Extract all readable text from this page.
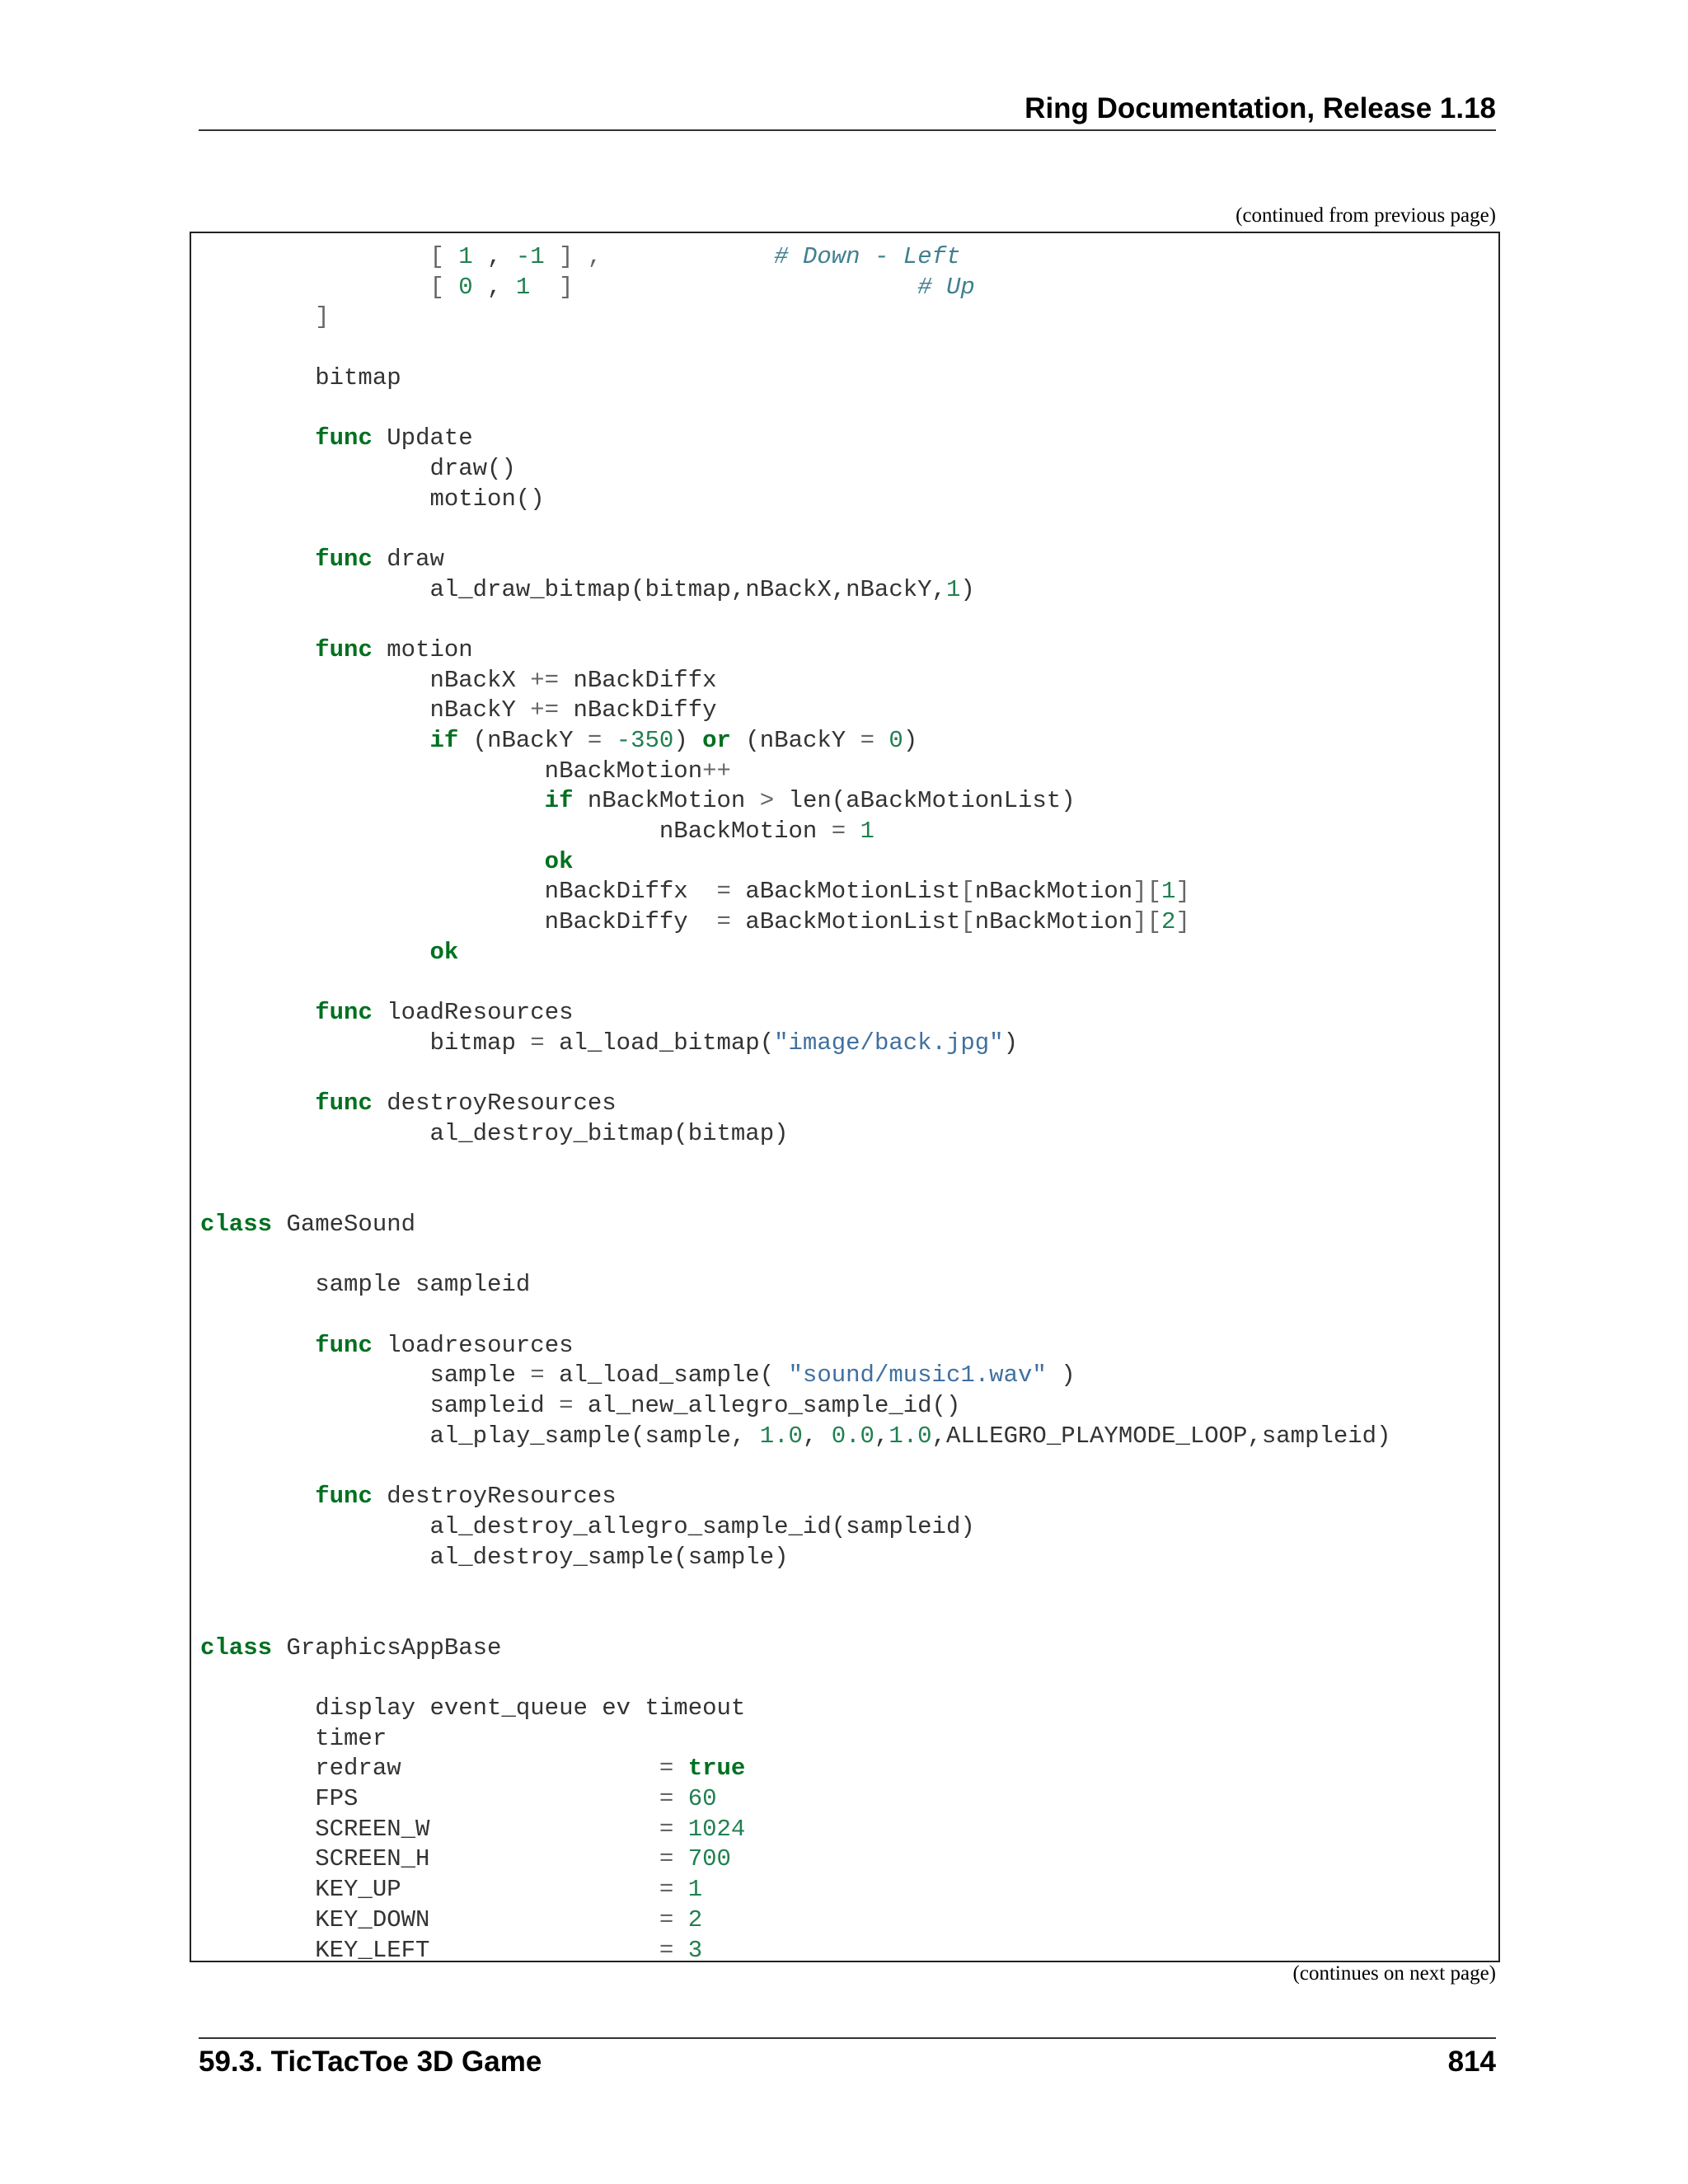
Ring Documentation, Release 1.18
(continued from previous page)
[ 1 , -1 ] ,	# Down - Left
[ 0 , 1  ]	# Up
]

bitmap

func Update
draw()
motion()

func draw
al_draw_bitmap(bitmap,nBackX,nBackY,1)

func motion
nBackX += nBackDiffx
nBackY += nBackDiffy
if (nBackY = -350) or (nBackY = 0)
nBackMotion++
if nBackMotion > len(aBackMotionList)
nBackMotion = 1
ok
nBackDiffx  = aBackMotionList[nBackMotion][1]
nBackDiffy  = aBackMotionList[nBackMotion][2]
ok

func loadResources
bitmap = al_load_bitmap("image/back.jpg")

func destroyResources
al_destroy_bitmap(bitmap)

class GameSound

sample sampleid

func loadresources
sample = al_load_sample( "sound/music1.wav" )
sampleid = al_new_allegro_sample_id()
al_play_sample(sample, 1.0, 0.0,1.0,ALLEGRO_PLAYMODE_LOOP,sampleid)

func destroyResources
al_destroy_allegro_sample_id(sampleid)
al_destroy_sample(sample)

class GraphicsAppBase

display event_queue ev timeout
timer
redraw                  = true
FPS                     = 60
SCREEN_W                = 1024
SCREEN_H                = 700
KEY_UP                  = 1
KEY_DOWN                = 2
KEY_LEFT                = 3
(continues on next page)
59.3. TicTacToe 3D Game	814
